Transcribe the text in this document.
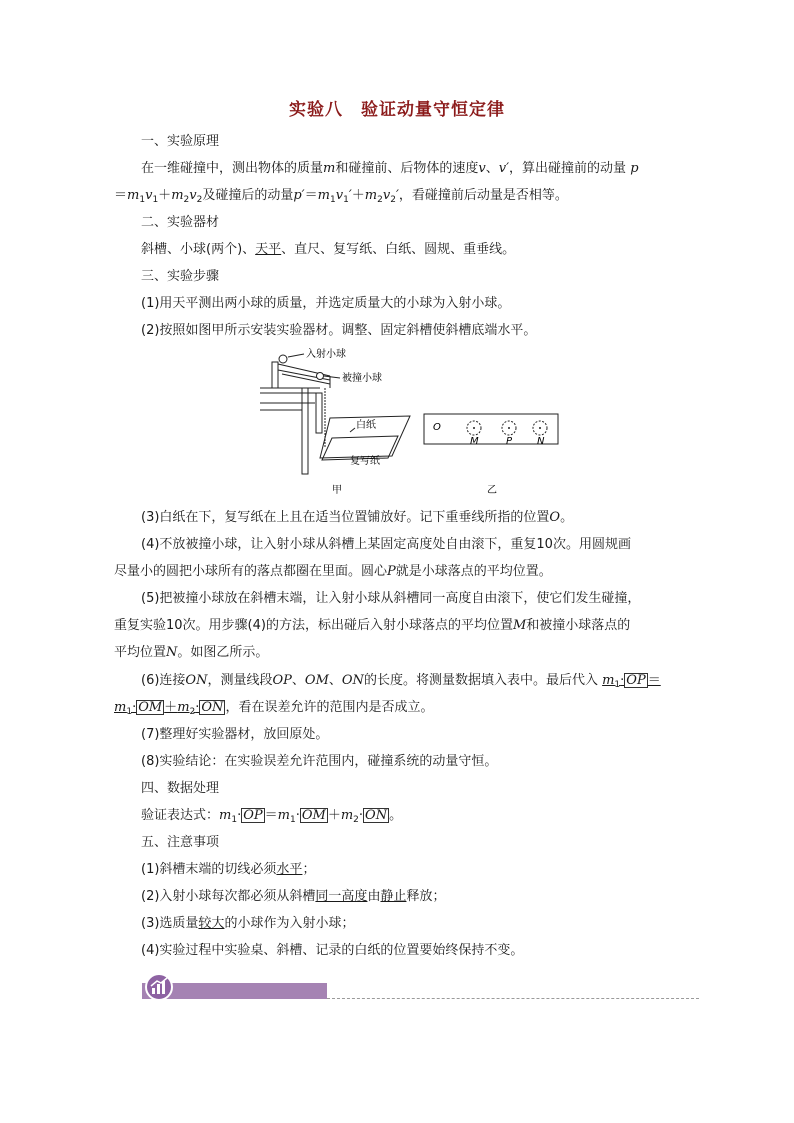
实验八 验证动量守恒定律
一、实验原理
在一维碰撞中，测出物体的质量m和碰撞前、后物体的速度v、v′，算出碰撞前的动量 p
$=m_1v_1+m_2v_2$及碰撞后的动量$p'=m_1v_1'+m_2v_2'$，看碰撞前后动量是否相等。
二、实验器材
斜槽、小球(两个)、天平、直尺、复写纸、白纸、圆规、重垂线。
三、实验步骤
(1)用天平测出两小球的质量，并选定质量大的小球为入射小球。
(2)按照如图甲所示安装实验器材。调整、固定斜槽使斜槽底端水平。
入射小球
被撞小球
白纸
复写纸
甲
O
M	P N
乙
(3)白纸在下，复写纸在上且在适当位置铺放好。记下重垂线所指的位置O。
(4)不放被撞小球，让入射小球从斜槽上某固定高度处自由滚下，重复10次。用圆规画
尽量小的圆把小球所有的落点都圈在里面。圆心P就是小球落点的平均位置。
(5)把被撞小球放在斜槽末端，让入射小球从斜槽同一高度自由滚下，使它们发生碰撞，
重复实验10次。用步骤(4)的方法，标出碰后入射小球落点的平均位置M和被撞小球落点的
平均位置N。如图乙所示。
(6)连接ON，测量线段OP、OM、ON的长度。将测量数据填入表中。最后代入 $m_1\cdot$ OP ＝
$m_1\cdot$ OM $+m_2\cdot$ ON ，看在误差允许的范围内是否成立。
(7)整理好实验器材，放回原处。
(8)实验结论：在实验误差允许范围内，碰撞系统的动量守恒。
四、数据处理
验证表达式：$m_1\cdot$ OP $=m_1\cdot$ OM $+m_2\cdot$ ON 。
五、注意事项
(1)斜槽末端的切线必须水平；
(2)入射小球每次都必须从斜槽同一高度由静止释放；
(3)选质量较大的小球作为入射小球；
(4)实验过程中实验桌、斜槽、记录的白纸的位置要始终保持不变。
